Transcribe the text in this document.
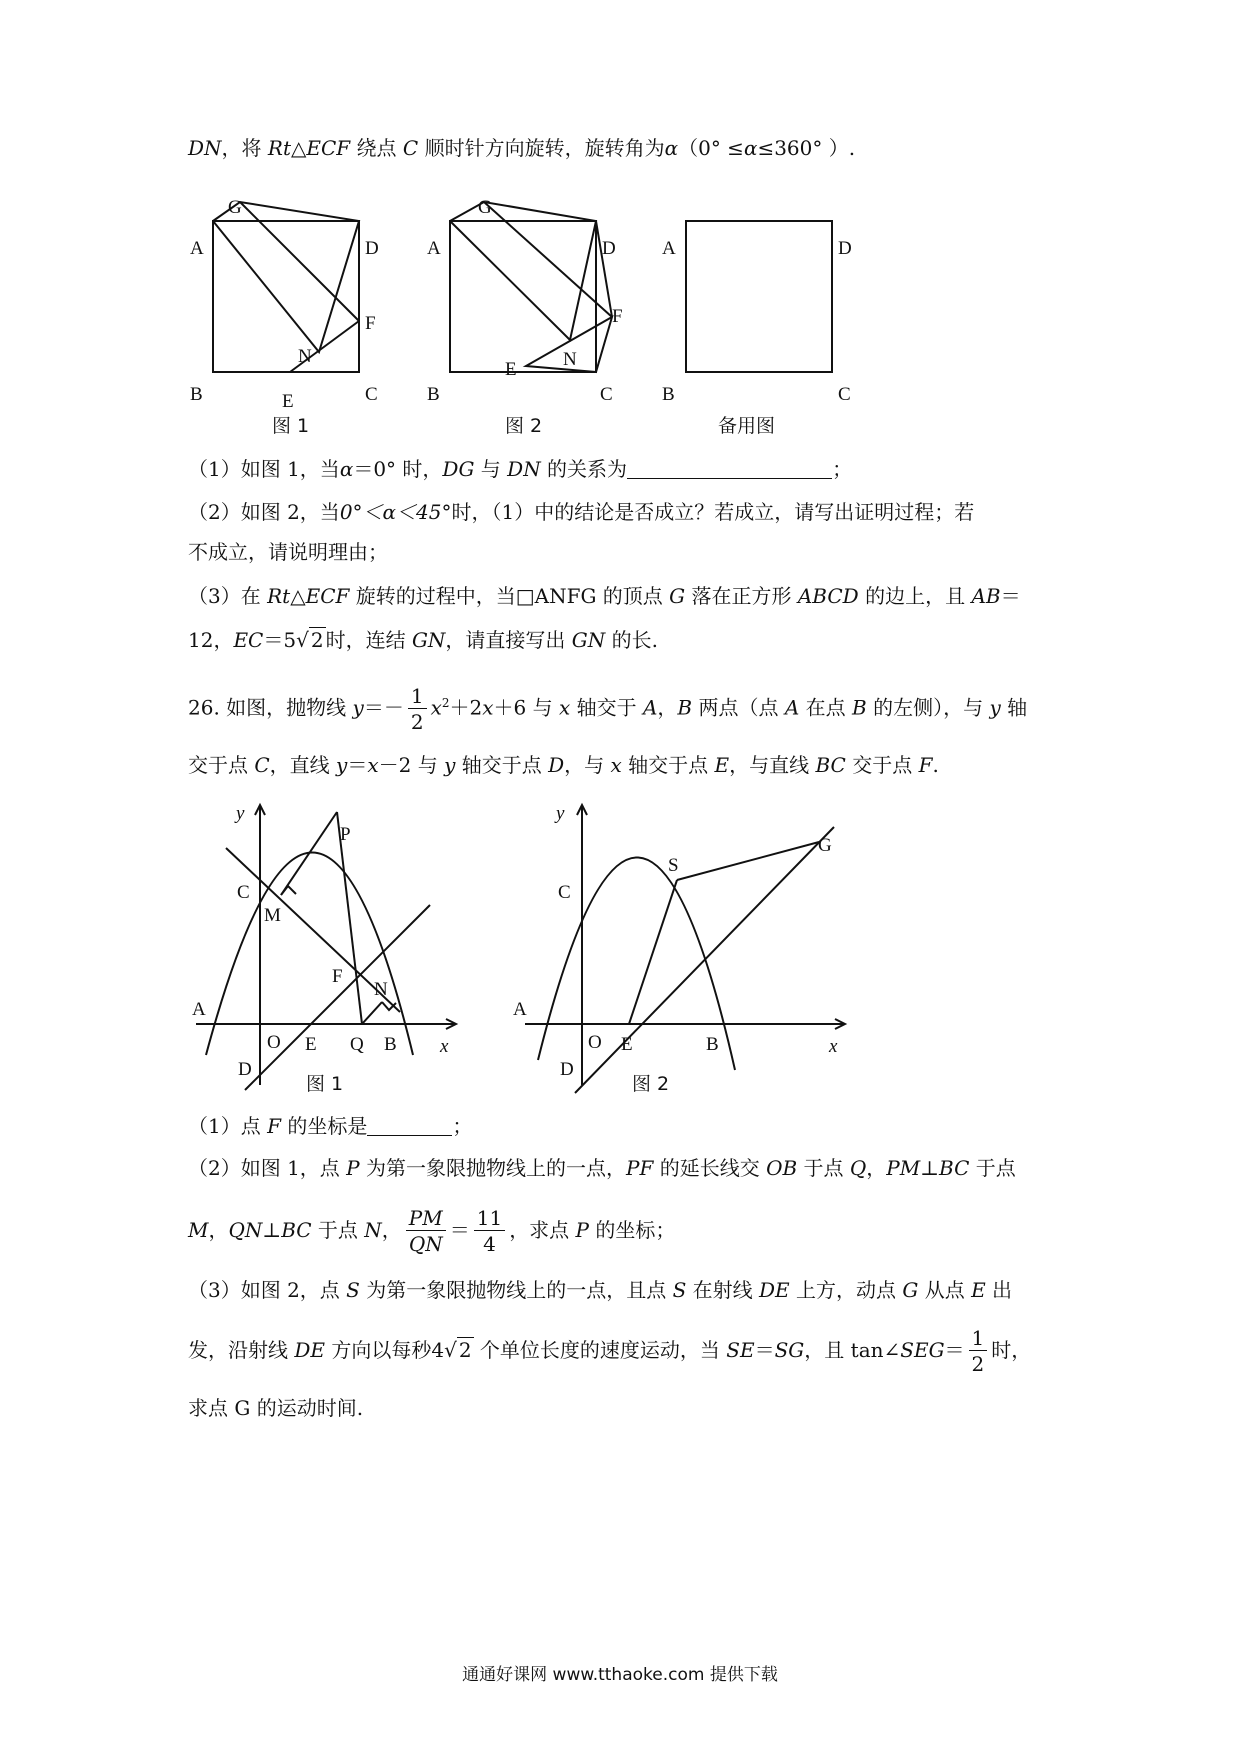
DN，将 Rt△ECF 绕点 C 顺时针方向旋转，旋转角为α（0° ≤α≤360° ）.
G
A	D
F
N
B	E	C
G
A	D
F
N
E
B	C
A	D
B	C
图 1	图 2	备用图
（1）如图 1，当α＝0° 时，DG 与 DN 的关系为	；
（2）如图 2，当0°＜α＜45°时，（1）中的结论是否成立？若成立，请写出证明过程；若
不成立，请说明理由；
（3）在 Rt△ECF 旋转的过程中，当□ANFG 的顶点 G 落在正方形 ABCD 的边上，且 AB＝
12，EC＝5√ 2 时，连结 GN，请直接写出 GN 的长.
26. 如图，抛物线 $y=- \frac{1}{2} x^2+2x+6$ 与 x 轴交于 A，B 两点（点 A 在点 B 的左侧），与 y 轴
交于点 C，直线 y＝x－2 与 y 轴交于点 D，与 x 轴交于点 E，与直线 BC 交于点 F.
y
P
C
M
F
N
A
O E Q B x
D
y
G
S
C
A
O E	B	x
D
图 1	图 2
（1）点 F 的坐标是	；
（2）如图 1，点 P 为第一象限抛物线上的一点，PF 的延长线交 OB 于点 Q，PM⊥BC 于点
M，QN⊥BC 于点 N， $\frac{PM}{QN} = \frac{11}{4}$ ，求点 P 的坐标；
（3）如图 2，点 S 为第一象限抛物线上的一点，且点 S 在射线 DE 上方，动点 G 从点 E 出
发，沿射线 DE 方向以每秒4√ 2 个单位长度的速度运动，当 SE＝SG，且 tan∠SEG＝ $\frac{1}{2}$ 时，
求点 G 的运动时间.
通通好课网 www.tthaoke.com 提供下载
